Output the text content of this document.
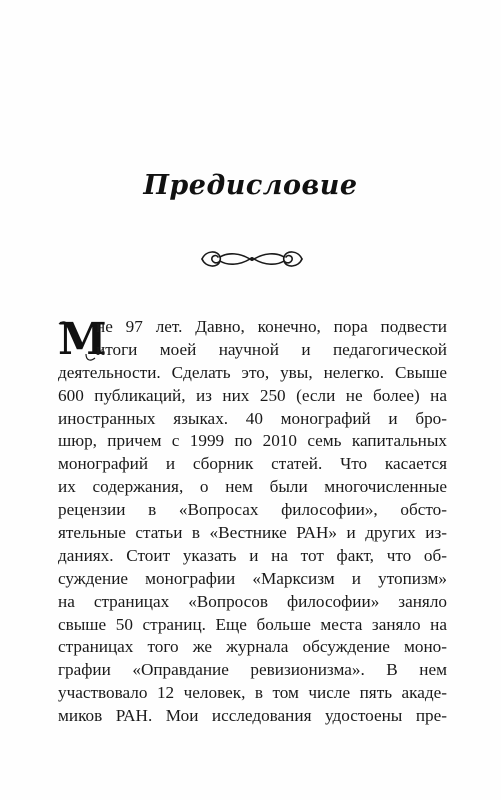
Предисловие
М
не 97 лет. Давно, конечно, пора подвести
итоги моей научной и педагогической
деятельности. Сделать это, увы, нелегко. Свыше
600 публикаций, из них 250 (если не более) на
иностранных языках. 40 монографий и бро-
шюр, причем с 1999 по 2010 семь капитальных
монографий и сборник статей. Что касается
их содержания, о нем были многочисленные
рецензии в «Вопросах философии», обсто-
ятельные статьи в «Вестнике РАН» и других из-
даниях. Стоит указать и на тот факт, что об-
суждение монографии «Марксизм и утопизм»
на страницах «Вопросов философии» заняло
свыше 50 страниц. Еще больше места заняло на
страницах того же журнала обсуждение моно-
графии «Оправдание ревизионизма». В нем
участвовало 12 человек, в том числе пять акаде-
миков РАН. Мои исследования удостоены пре-
